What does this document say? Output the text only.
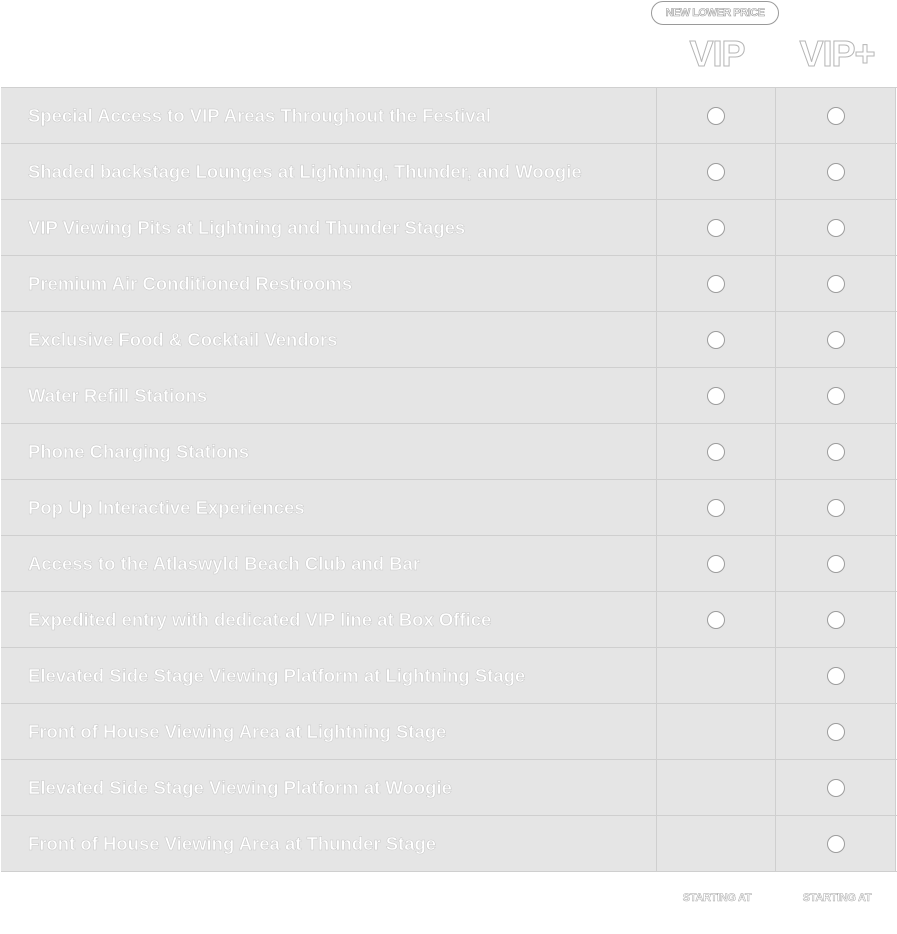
NEW LOWER PRICE
VIP	VIP+
Special Access to VIP Areas Throughout the Festival
Shaded backstage Lounges at Lightning, Thunder, and Woogie
VIP Viewing Pits at Lightning and Thunder Stages
Premium Air Conditioned Restrooms
Exclusive Food & Cocktail Vendors
Water Refill Stations
Phone Charging Stations
Pop Up Interactive Experiences
Access to the Atlaswyld Beach Club and Bar
Expedited entry with dedicated VIP line at Box Office
Elevated Side Stage Viewing Platform at Lightning Stage
Front of House Viewing Area at Lightning Stage
Elevated Side Stage Viewing Platform at Woogie
Front of House Viewing Area at Thunder Stage
STARTING AT	STARTING AT
